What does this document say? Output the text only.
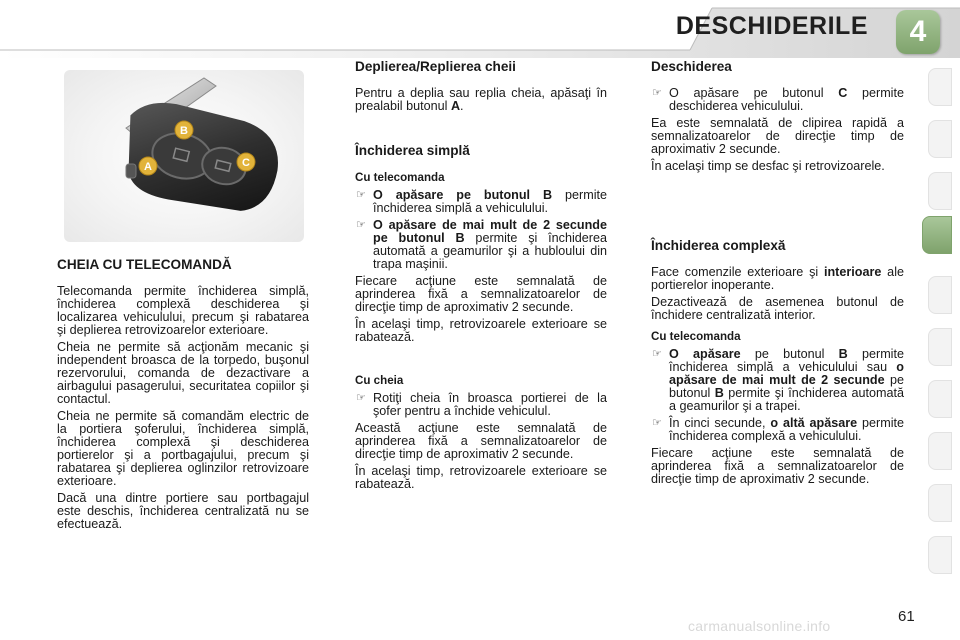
DESCHIDERILE	4
A
B
C
CHEIA CU TELECOMANDĂ

Telecomanda permite închiderea simplă, închiderea complexă deschiderea şi localizarea vehiculului, precum şi rabatarea şi deplierea retrovizoarelor exterioare.

Cheia ne permite să acţionăm mecanic şi independent broasca de la torpedo, buşonul rezervorului, comanda de dezactivare a airbagului pasagerului, securitatea copiilor şi contactul.

Cheia ne permite să comandăm electric de la portiera şoferului, închiderea simplă, închiderea complexă şi deschiderea portierelor şi a portbagajului, precum şi rabatarea şi deplierea oglinzilor retrovizoare exterioare.

Dacă una dintre portiere sau portbagajul este deschis, închiderea centralizată nu se efectuează.

Deplierea/Replierea cheii

Pentru a deplia sau replia cheia, apăsaţi în prealabil butonul A.

Închiderea simplă
Cu telecomanda
☞ O apăsare pe butonul B permite închiderea simplă a vehiculului.
☞ O apăsare de mai mult de 2 secunde pe butonul B permite şi închiderea automată a geamurilor şi a hubloului din trapa maşinii.

Fiecare acţiune este semnalată de aprinderea fixă a semnalizatoarelor de direcţie timp de aproximativ 2 secunde.

În acelaşi timp, retrovizoarele exterioare se rabatează.

Cu cheia
☞ Rotiţi cheia în broasca portierei de la şofer pentru a închide vehiculul.

Această acţiune este semnalată de aprinderea fixă a semnalizatoarelor de direcţie timp de aproximativ 2 secunde.

În acelaşi timp, retrovizoarele exterioare se rabatează.

Deschiderea
☞ O apăsare pe butonul C permite deschiderea vehiculului.

Ea este semnalată de clipirea rapidă a semnalizatoarelor de direcţie timp de aproximativ 2 secunde.

În acelaşi timp se desfac şi retrovizoarele.

Închiderea complexă

Face comenzile exterioare şi interioare ale portierelor inoperante.

Dezactivează de asemenea butonul de închidere centralizată interior.

Cu telecomanda
☞ O apăsare pe butonul B permite închiderea simplă a vehiculului sau o apăsare de mai mult de 2 secunde pe butonul B permite şi închiderea automată a geamurilor şi a trapei.
☞ În cinci secunde, o altă apăsare permite închiderea complexă a vehiculului.

Fiecare acţiune este semnalată de aprinderea fixă a semnalizatoarelor de direcţie timp de aproximativ 2 secunde.

61
carmanualsonline.info
